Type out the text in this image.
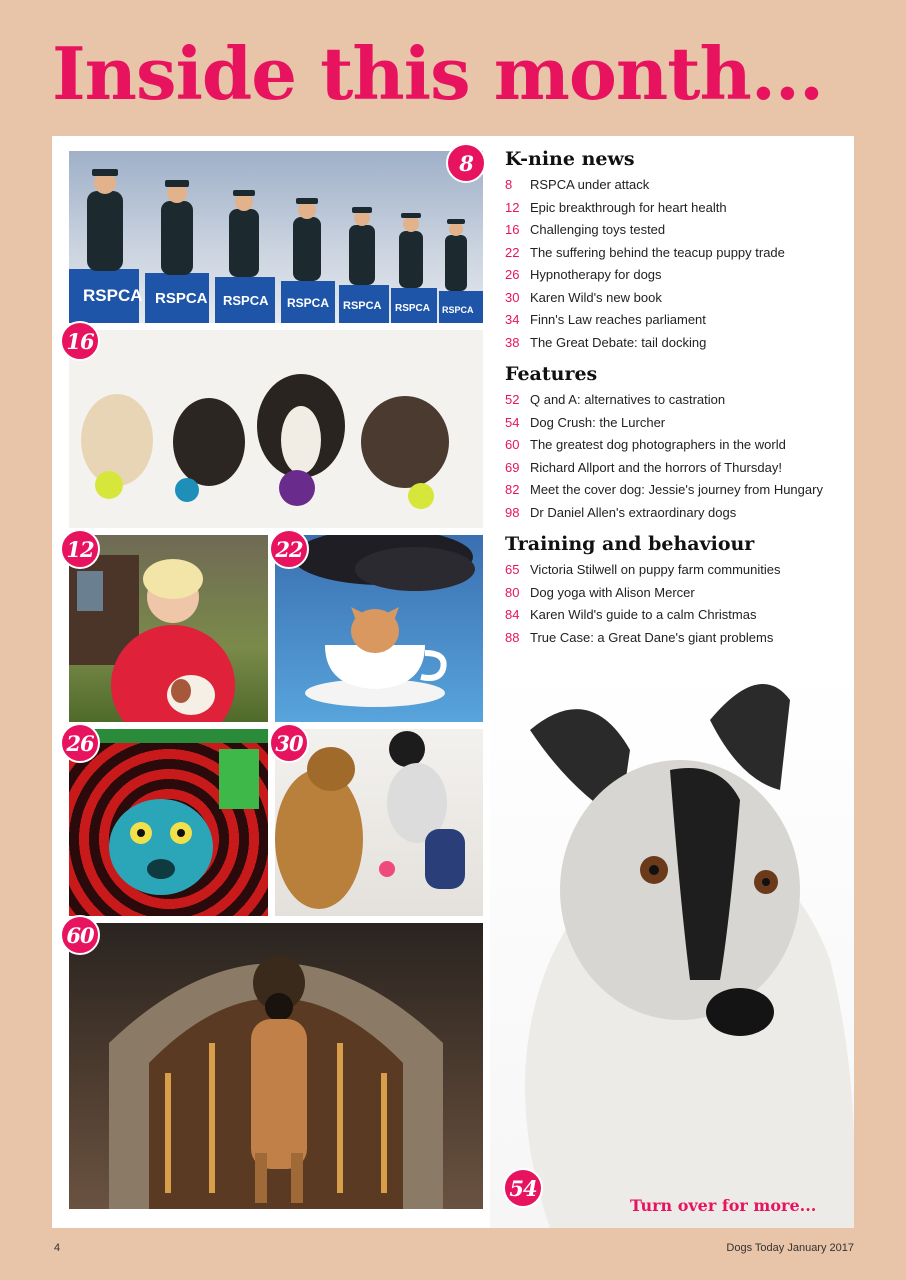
Inside this month...
RSPCA RSPCA RSPCA RSPCA RSPCA RSPCA RSPCA
8
16
12	22
26	30
60
54
K-nine news
8	RSPCA under attack
12 Epic breakthrough for heart health
16 Challenging toys tested
22 The suffering behind the teacup puppy trade
26 Hypnotherapy for dogs
30 Karen Wild's new book
34 Finn's Law reaches parliament
38 The Great Debate: tail docking
Features
52 Q and A: alternatives to castration
54 Dog Crush: the Lurcher
60 The greatest dog photographers in the world
69 Richard Allport and the horrors of Thursday!
82 Meet the cover dog: Jessie's journey from Hungary
98 Dr Daniel Allen's extraordinary dogs
Training and behaviour
65 Victoria Stilwell on puppy farm communities
80 Dog yoga with Alison Mercer
84 Karen Wild's guide to a calm Christmas
88 True Case: a Great Dane's giant problems
Turn over for more...
4	Dogs Today January 2017
